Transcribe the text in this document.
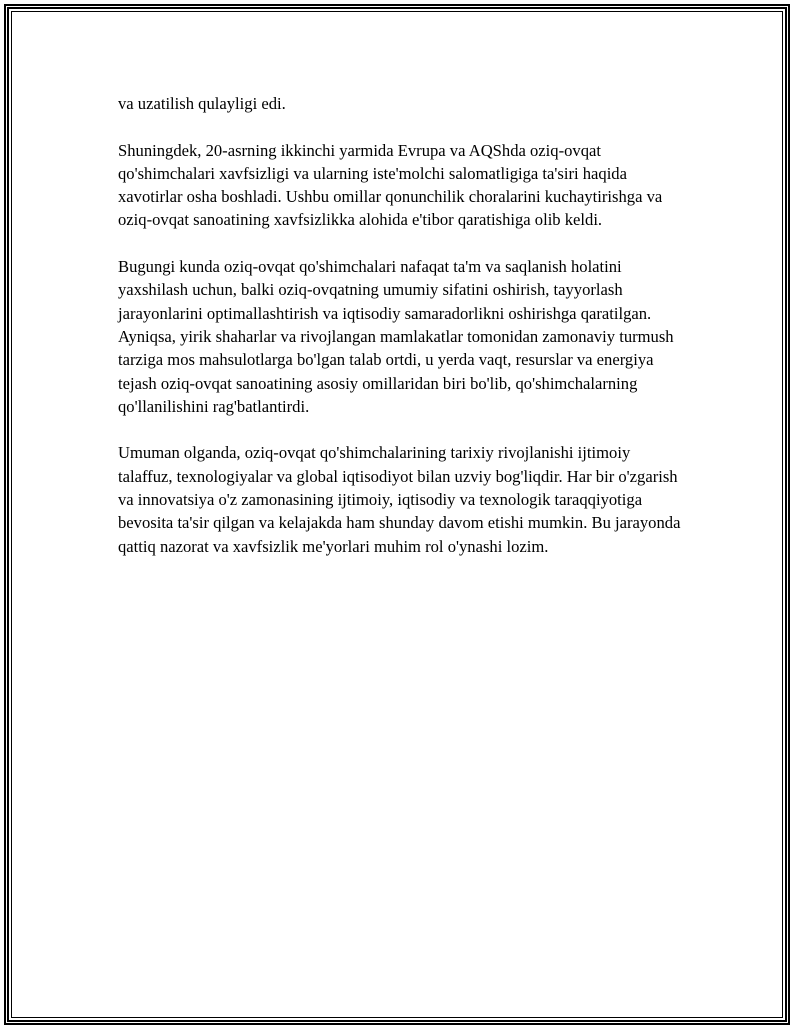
va uzatilish qulayligi edi.

Shuningdek, 20-asrning ikkinchi yarmida Evrupa va AQShda oziq-ovqat qo'shimchalari xavfsizligi va ularning iste'molchi salomatligiga ta'siri haqida xavotirlar osha boshladi. Ushbu omillar qonunchilik choralarini kuchaytirishga va oziq-ovqat sanoatining xavfsizlikka alohida e'tibor qaratishiga olib keldi.

Bugungi kunda oziq-ovqat qo'shimchalari nafaqat ta'm va saqlanish holatini yaxshilash uchun, balki oziq-ovqatning umumiy sifatini oshirish, tayyorlash jarayonlarini optimallashtirish va iqtisodiy samaradorlikni oshirishga qaratilgan. Ayniqsa, yirik shaharlar va rivojlangan mamlakatlar tomonidan zamonaviy turmush tarziga mos mahsulotlarga bo'lgan talab ortdi, u yerda vaqt, resurslar va energiya tejash oziq-ovqat sanoatining asosiy omillaridan biri bo'lib, qo'shimchalarning qo'llanilishini rag'batlantirdi.

Umuman olganda, oziq-ovqat qo'shimchalarining tarixiy rivojlanishi ijtimoiy talaffuz, texnologiyalar va global iqtisodiyot bilan uzviy bog'liqdir. Har bir o'zgarish va innovatsiya o'z zamonasining ijtimoiy, iqtisodiy va texnologik taraqqiyotiga bevosita ta'sir qilgan va kelajakda ham shunday davom etishi mumkin. Bu jarayonda qattiq nazorat va xavfsizlik me'yorlari muhim rol o'ynashi lozim.
